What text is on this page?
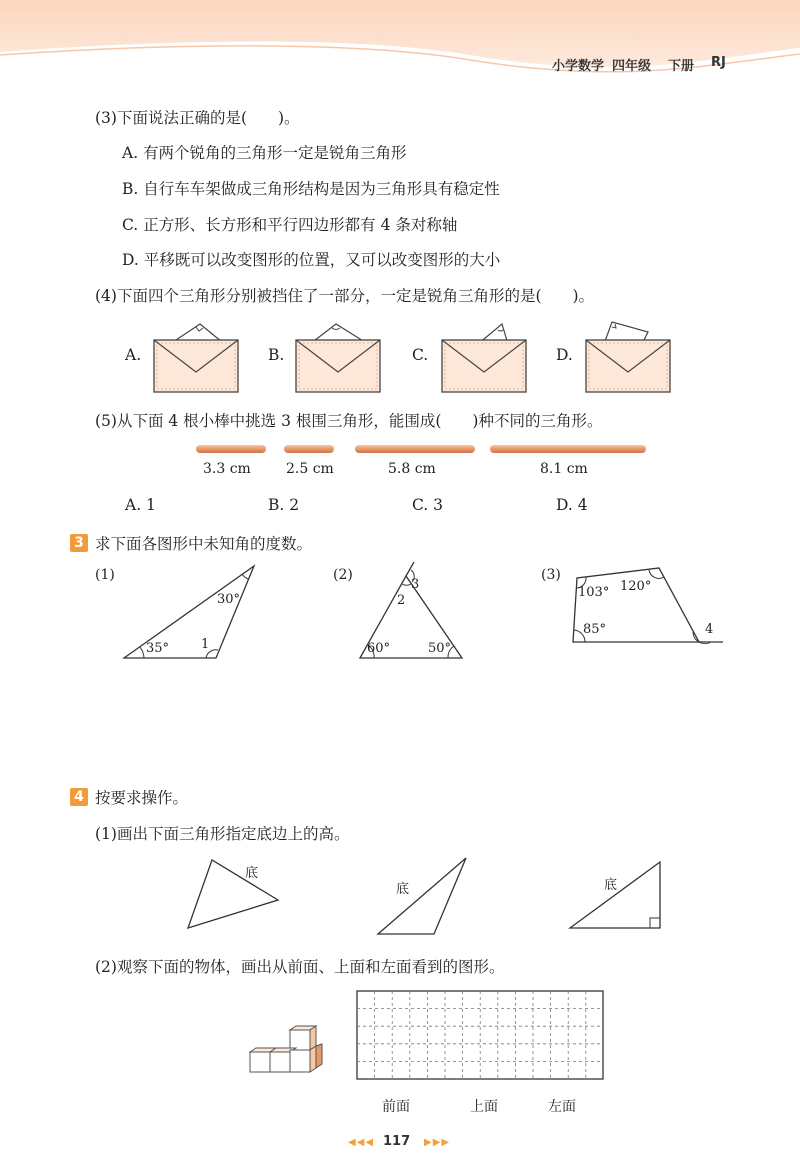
小学数学 四年级 下册 RJ
(3)下面说法正确的是(　　)。
A. 有两个锐角的三角形一定是锐角三角形
B. 自行车车架做成三角形结构是因为三角形具有稳定性
C. 正方形、长方形和平行四边形都有 4 条对称轴
D. 平移既可以改变图形的位置，又可以改变图形的大小
(4)下面四个三角形分别被挡住了一部分，一定是锐角三角形的是(　　)。
A.	B.	C.	D.
(5)从下面 4 根小棒中挑选 3 根围三角形，能围成(　　)种不同的三角形。
3.3 cm	2.5 cm	5.8 cm	8.1 cm
A. 1	B. 2	C. 3	D. 4
3 求下面各图形中未知角的度数。
(1)
30°
35° 1
(2)
3
2
60°	50°
(3)
103° 120°
85°	4
4 按要求操作。
(1)画出下面三角形指定底边上的高。
底
底	底
(2)观察下面的物体，画出从前面、上面和左面看到的图形。
前面	上面	左面
◀◀◀ 117 ▶▶▶
